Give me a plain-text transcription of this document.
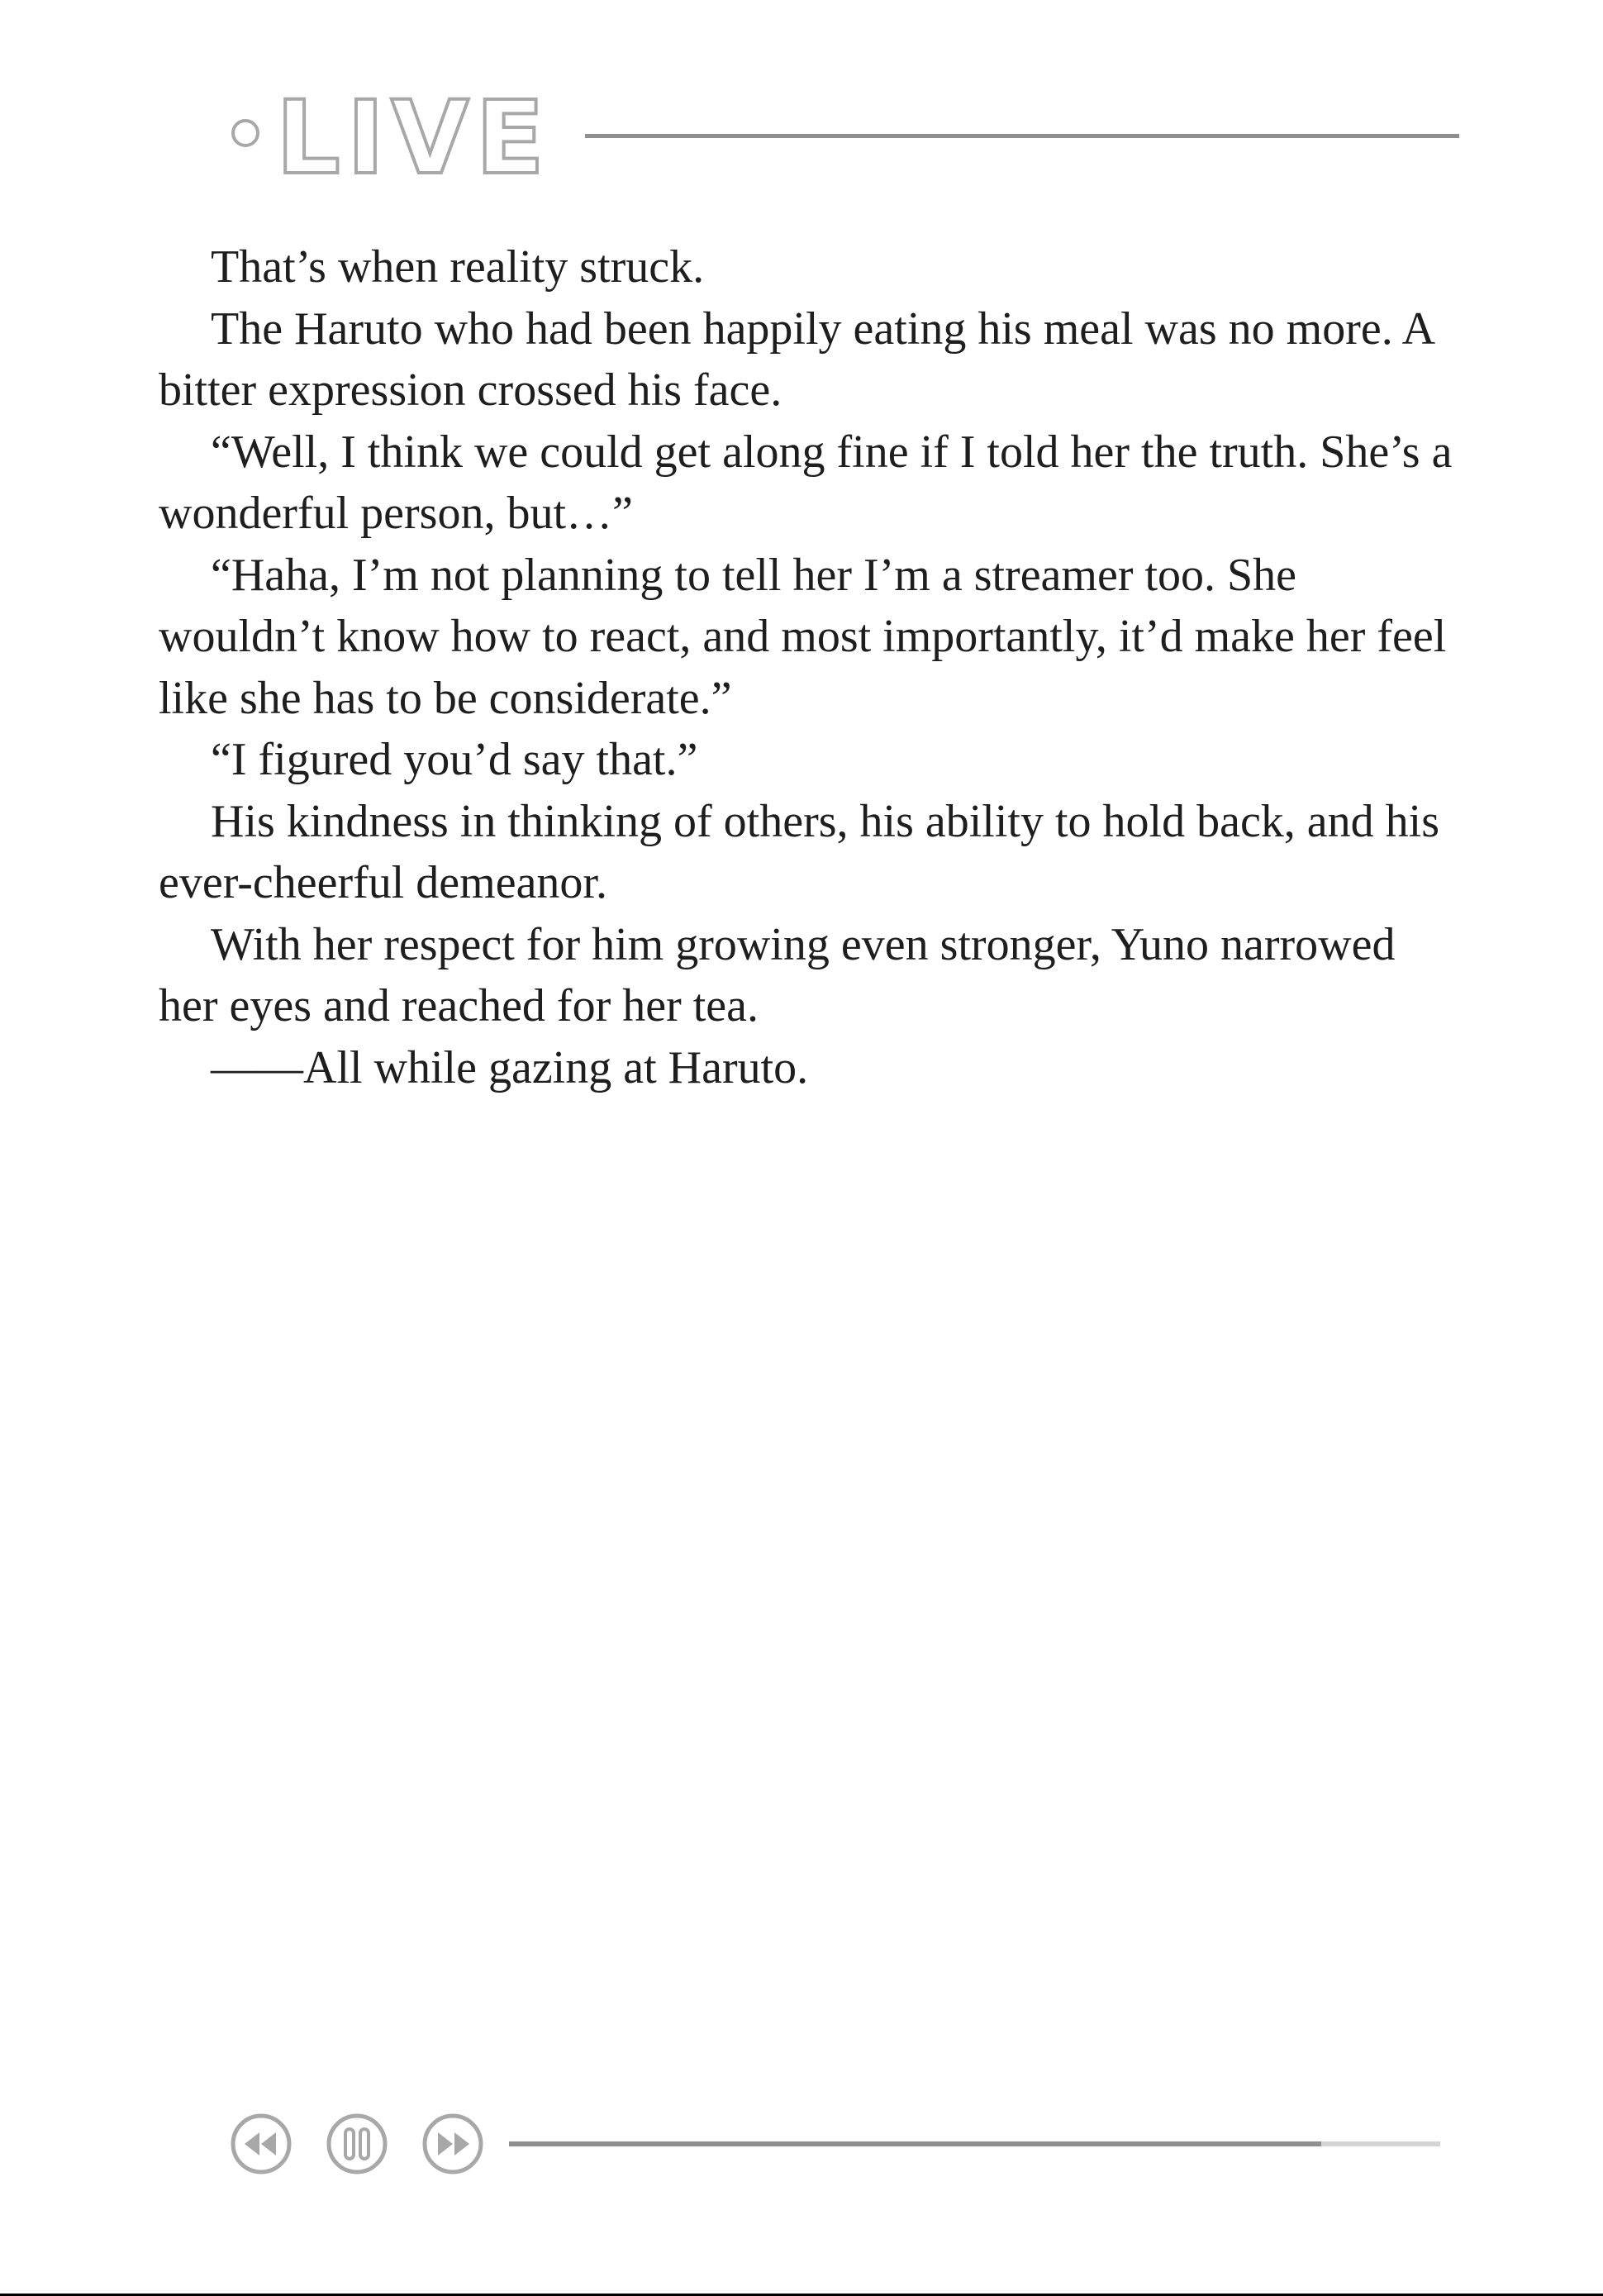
LIVE

That’s when reality struck.

The Haruto who had been happily eating his meal was no more. A bitter expression crossed his face.

“Well, I think we could get along fine if I told her the truth. She’s a wonderful person, but…”

“Haha, I’m not planning to tell her I’m a streamer too. She wouldn’t know how to react, and most importantly, it’d make her feel like she has to be considerate.”

“I figured you’d say that.”

His kindness in thinking of others, his ability to hold back, and his ever-cheerful demeanor.

With her respect for him growing even stronger, Yuno narrowed her eyes and reached for her tea.

——All while gazing at Haruto.
